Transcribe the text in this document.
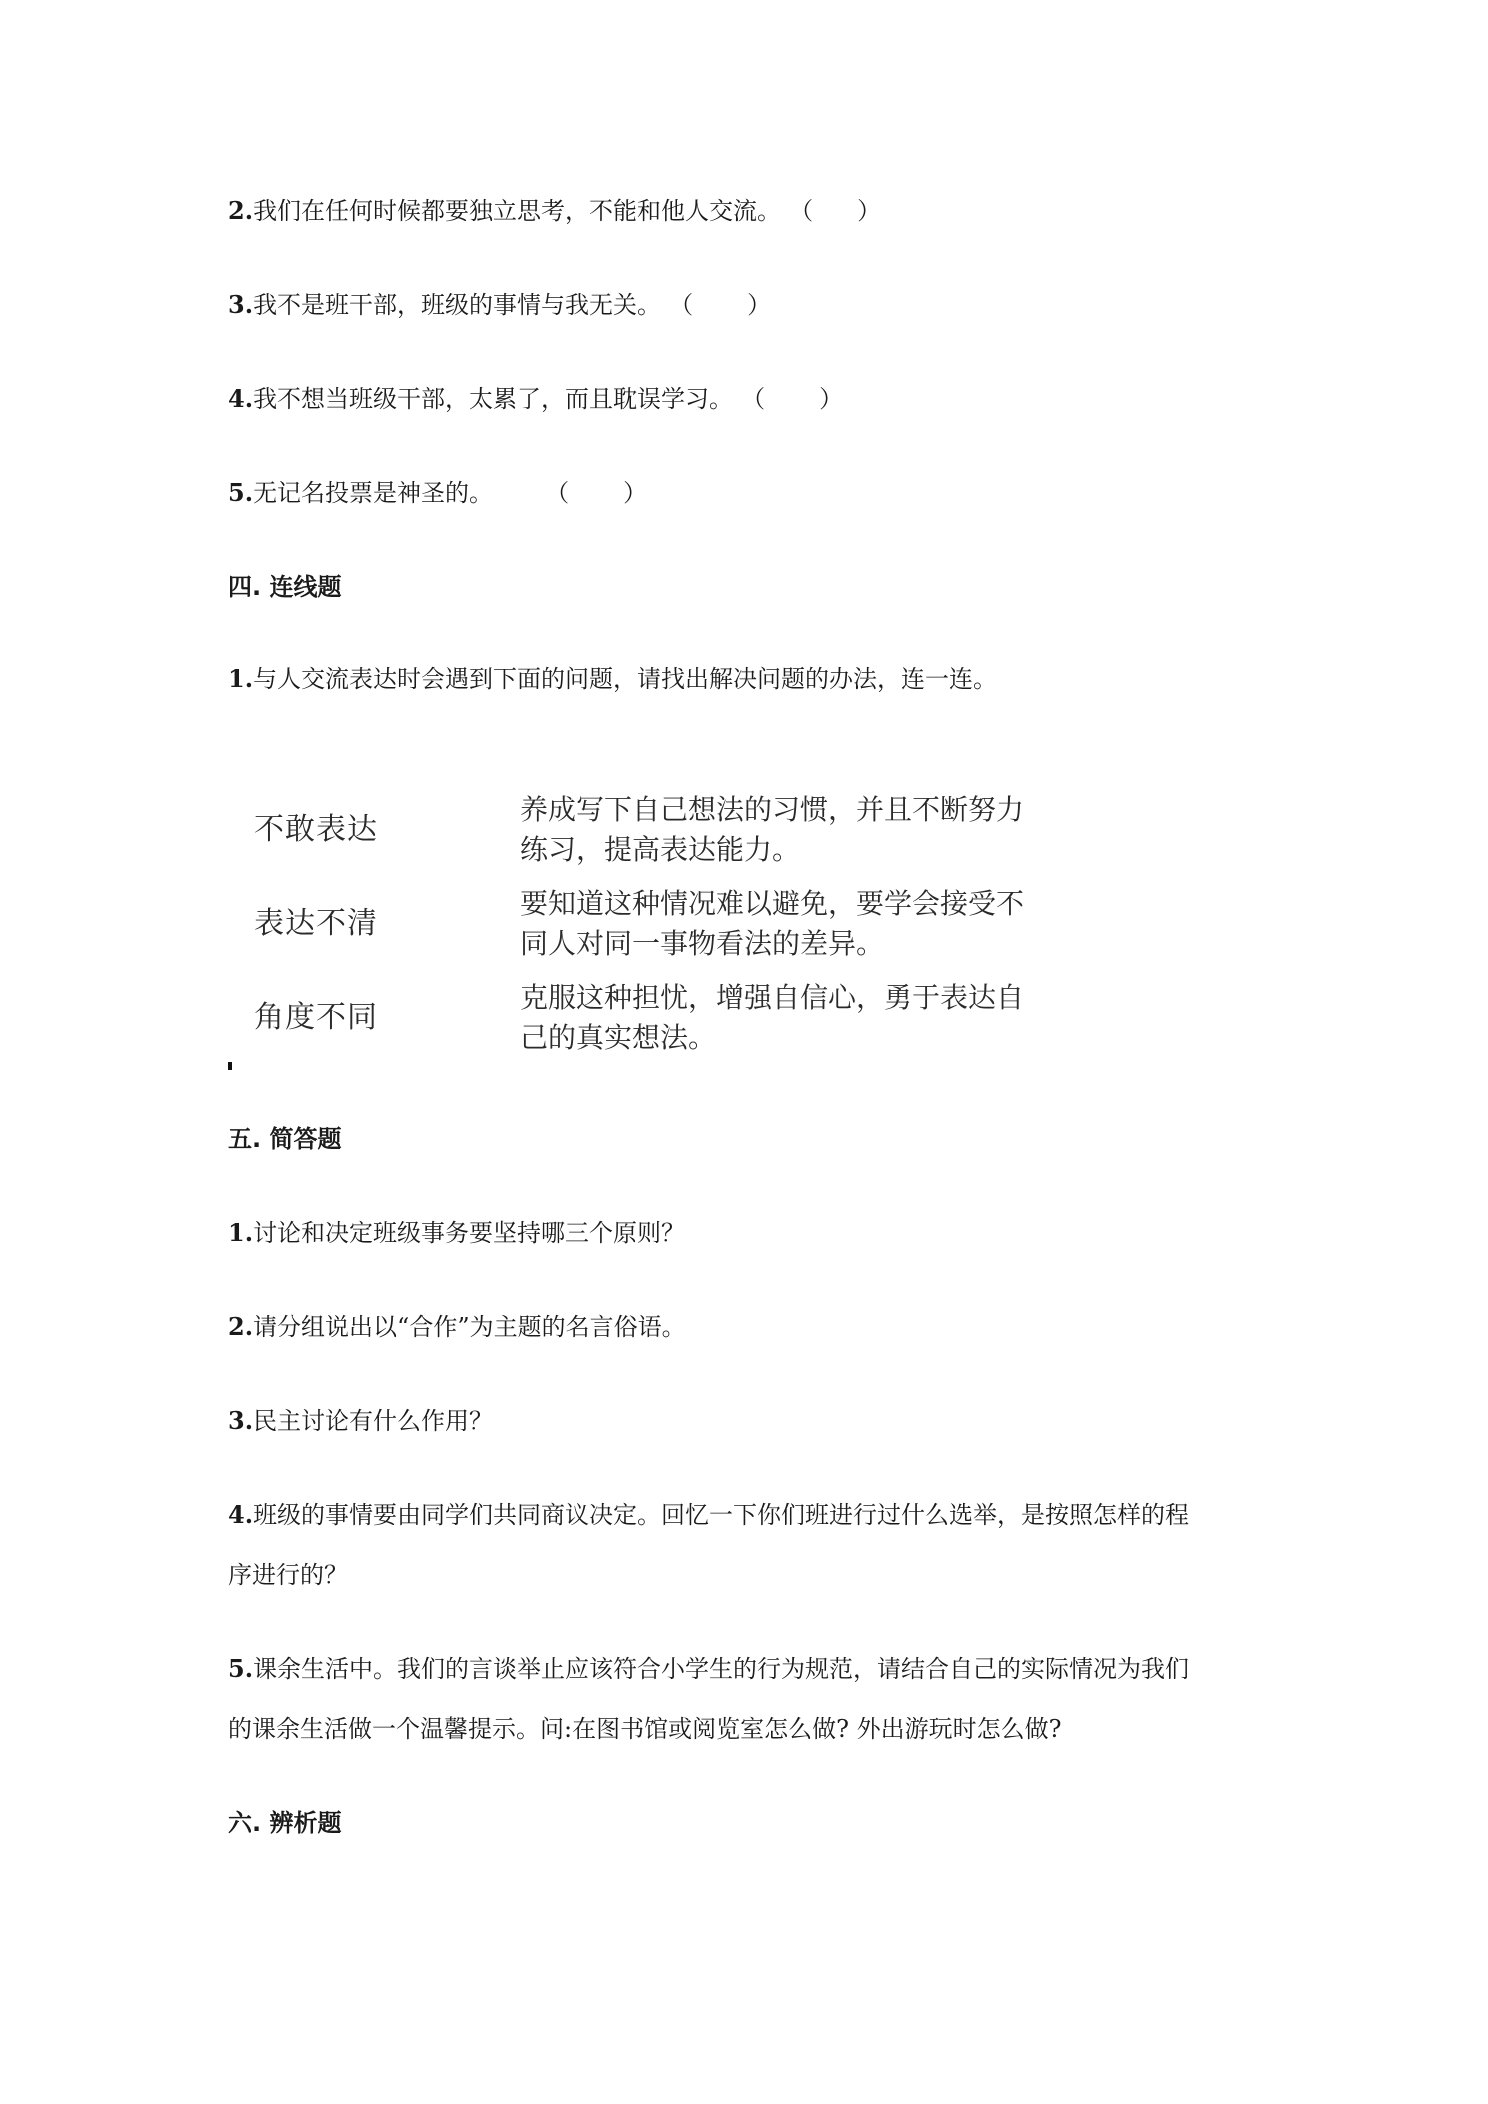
2.我们在任何时候都要独立思考，不能和他人交流。 （ ）
3.我不是班干部，班级的事情与我无关。 （ ）
4.我不想当班级干部，太累了，而且耽误学习。 （ ）
5.无记名投票是神圣的。 （ ）
四. 连线题
1.与人交流表达时会遇到下面的问题，请找出解决问题的办法，连一连。
不敢表达
表达不清
角度不同
养成写下自己想法的习惯，并且不断努力
练习，提高表达能力。
要知道这种情况难以避免，要学会接受不
同人对同一事物看法的差异。
克服这种担忧，增强自信心，勇于表达自
己的真实想法。
五. 简答题
1.讨论和决定班级事务要坚持哪三个原则？
2.请分组说出以“合作”为主题的名言俗语。
3.民主讨论有什么作用？
4.班级的事情要由同学们共同商议决定。回忆一下你们班进行过什么选举，是按照怎样的程
序进行的？
5.课余生活中。我们的言谈举止应该符合小学生的行为规范，请结合自己的实际情况为我们
的课余生活做一个温馨提示。问:在图书馆或阅览室怎么做? 外出游玩时怎么做?
六. 辨析题
